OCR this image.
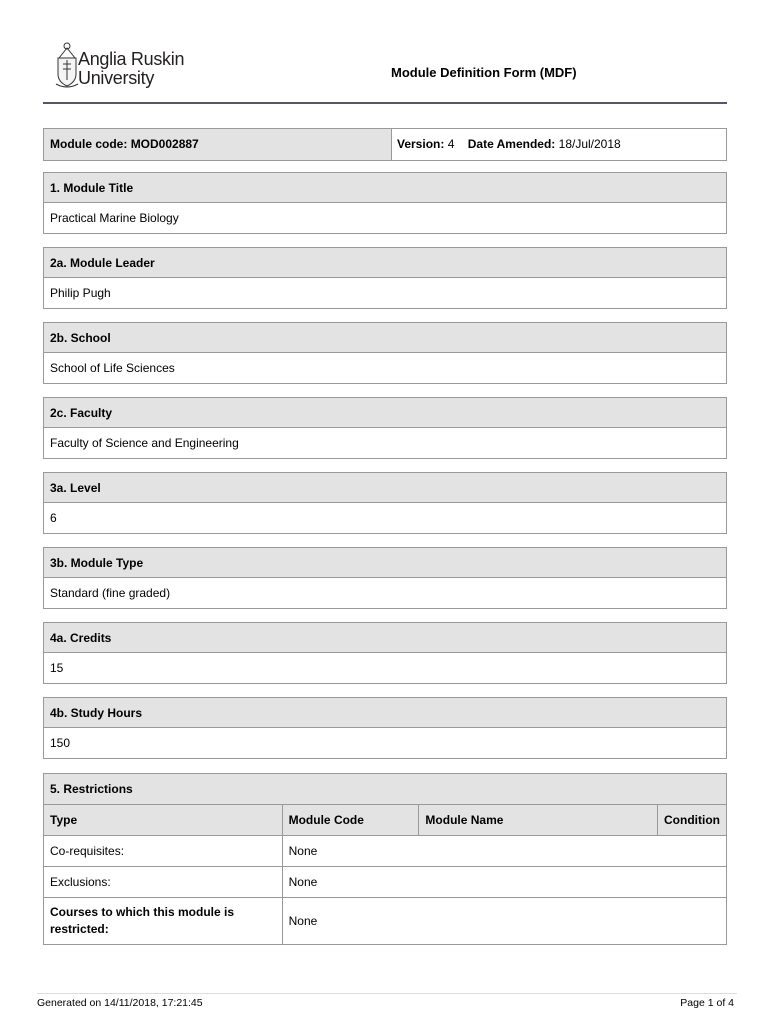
Anglia Ruskin
University	Module Definition Form (MDF)
Module code: MOD002887	Version: 4 Date Amended: 18/Jul/2018
1. Module Title
Practical Marine Biology
2a. Module Leader
Philip Pugh
2b. School
School of Life Sciences
2c. Faculty
Faculty of Science and Engineering
3a. Level
6
3b. Module Type
Standard (fine graded)
4a. Credits
15
4b. Study Hours
150
5. Restrictions
Type	Module Code	Module Name	Condition
Co-requisites:	None		
Exclusions:	None		
Courses to which this module is restricted:	None		
Generated on 14/11/2018, 17:21:45	Page 1 of 4
